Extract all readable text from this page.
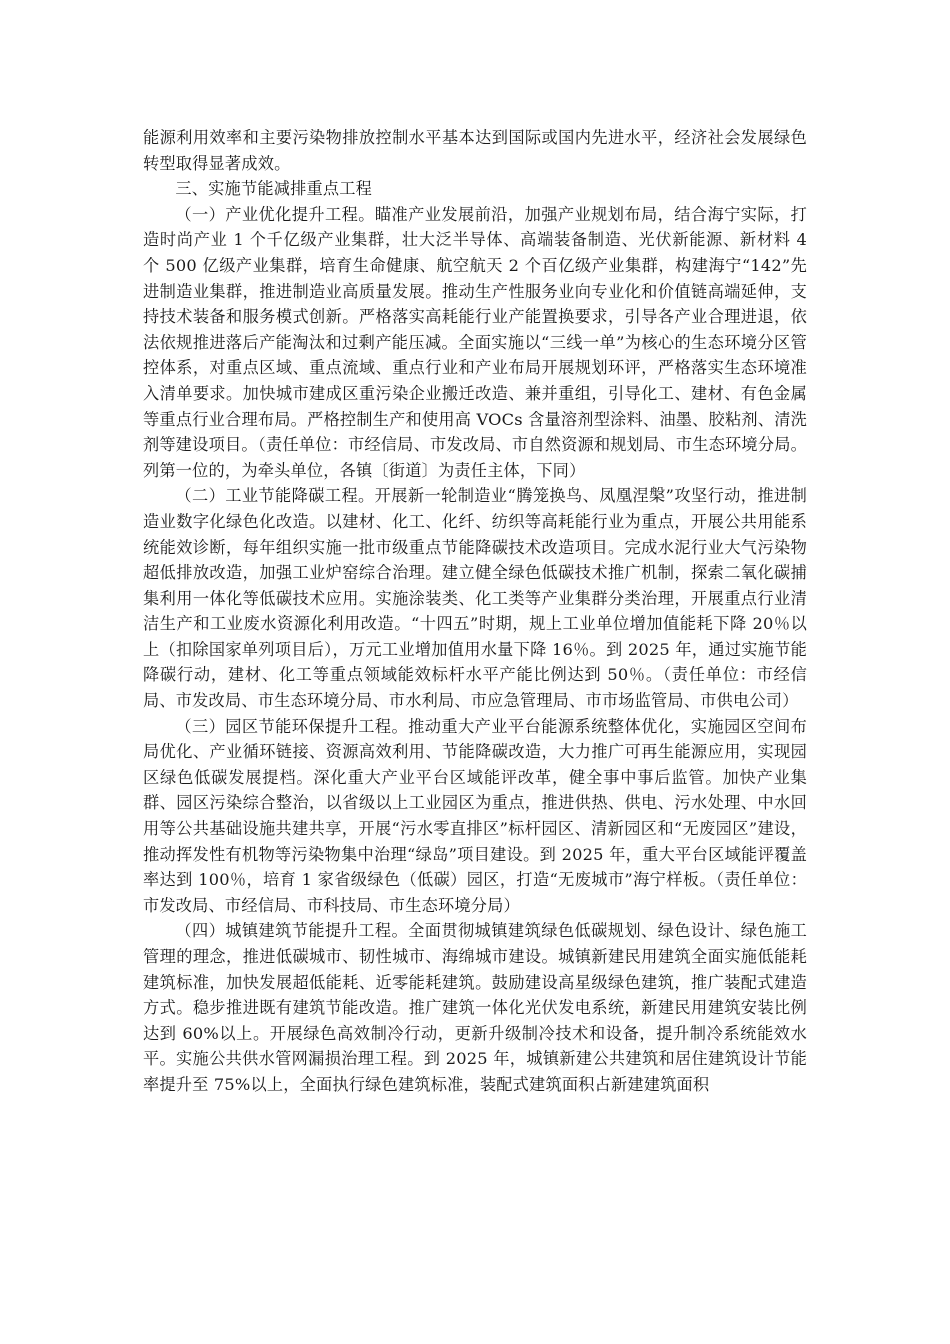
能源利用效率和主要污染物排放控制水平基本达到国际或国内先进水平，经济社会发展绿色转型取得显著成效。

三、实施节能减排重点工程

（一）产业优化提升工程。瞄准产业发展前沿，加强产业规划布局，结合海宁实际，打造时尚产业 1 个千亿级产业集群，壮大泛半导体、高端装备制造、光伏新能源、新材料 4 个 500 亿级产业集群，培育生命健康、航空航天 2 个百亿级产业集群，构建海宁“142”先进制造业集群，推进制造业高质量发展。推动生产性服务业向专业化和价值链高端延伸，支持技术装备和服务模式创新。严格落实高耗能行业产能置换要求，引导各产业合理进退，依法依规推进落后产能淘汰和过剩产能压减。全面实施以“三线一单”为核心的生态环境分区管控体系，对重点区域、重点流域、重点行业和产业布局开展规划环评，严格落实生态环境准入清单要求。加快城市建成区重污染企业搬迁改造、兼并重组，引导化工、建材、有色金属等重点行业合理布局。严格控制生产和使用高 VOCs 含量溶剂型涂料、油墨、胶粘剂、清洗剂等建设项目。（责任单位：市经信局、市发改局、市自然资源和规划局、市生态环境分局。列第一位的，为牵头单位，各镇〔街道〕为责任主体，下同）

（二）工业节能降碳工程。开展新一轮制造业“腾笼换鸟、凤凰涅槃”攻坚行动，推进制造业数字化绿色化改造。以建材、化工、化纤、纺织等高耗能行业为重点，开展公共用能系统能效诊断，每年组织实施一批市级重点节能降碳技术改造项目。完成水泥行业大气污染物超低排放改造，加强工业炉窑综合治理。建立健全绿色低碳技术推广机制，探索二氧化碳捕集利用一体化等低碳技术应用。实施涂装类、化工类等产业集群分类治理，开展重点行业清洁生产和工业废水资源化利用改造。“十四五”时期，规上工业单位增加值能耗下降 20％以上（扣除国家单列项目后），万元工业增加值用水量下降 16％。到 2025 年，通过实施节能降碳行动，建材、化工等重点领域能效标杆水平产能比例达到 50％。（责任单位：市经信局、市发改局、市生态环境分局、市水利局、市应急管理局、市市场监管局、市供电公司）

（三）园区节能环保提升工程。推动重大产业平台能源系统整体优化，实施园区空间布局优化、产业循环链接、资源高效利用、节能降碳改造，大力推广可再生能源应用，实现园区绿色低碳发展提档。深化重大产业平台区域能评改革，健全事中事后监管。加快产业集群、园区污染综合整治，以省级以上工业园区为重点，推进供热、供电、污水处理、中水回用等公共基础设施共建共享，开展“污水零直排区”标杆园区、清新园区和“无废园区”建设，推动挥发性有机物等污染物集中治理“绿岛”项目建设。到 2025 年，重大平台区域能评覆盖率达到 100％，培育 1 家省级绿色（低碳）园区，打造“无废城市”海宁样板。（责任单位：市发改局、市经信局、市科技局、市生态环境分局）

（四）城镇建筑节能提升工程。全面贯彻城镇建筑绿色低碳规划、绿色设计、绿色施工管理的理念，推进低碳城市、韧性城市、海绵城市建设。城镇新建民用建筑全面实施低能耗建筑标准，加快发展超低能耗、近零能耗建筑。鼓励建设高星级绿色建筑，推广装配式建造方式。稳步推进既有建筑节能改造。推广建筑一体化光伏发电系统，新建民用建筑安装比例达到 60%以上。开展绿色高效制冷行动，更新升级制冷技术和设备，提升制冷系统能效水平。实施公共供水管网漏损治理工程。到 2025 年，城镇新建公共建筑和居住建筑设计节能率提升至 75%以上，全面执行绿色建筑标准，装配式建筑面积占新建建筑面积
